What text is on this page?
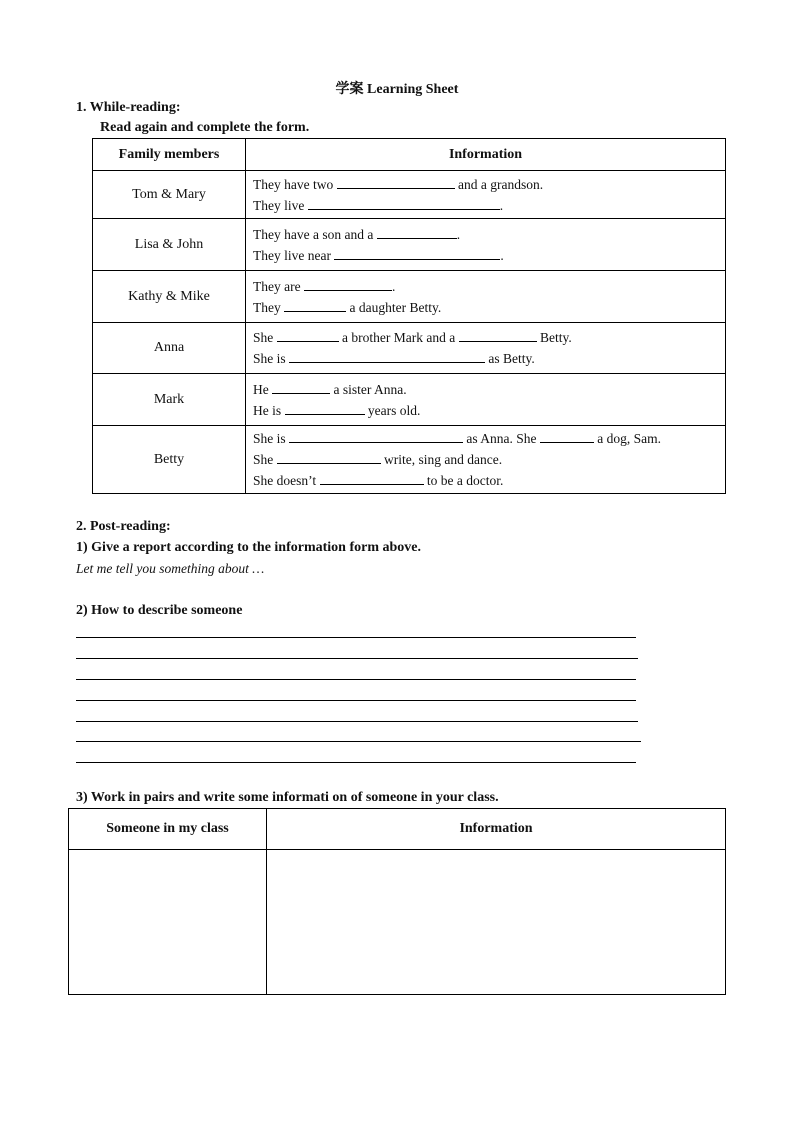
学案 Learning Sheet
1. While-reading:
Read again and complete the form.
Family members	Information
Tom & Mary	They have two and a grandson.
They live .

Lisa & John	They have a son and a .
They live near .

Kathy & Mike	They are .
They a daughter Betty.

Anna	She a brother Mark and a Betty.
She is as Betty.

Mark	He a sister Anna.
He is years old.

Betty	She is as Anna. She a dog, Sam.
She write, sing and dance.
She doesn’t to be a doctor.
2. Post-reading:
1) Give a report according to the information form above.
Let me tell you something about …
2) How to describe someone
3) Work in pairs and write some informati on of someone in your class.
Someone in my class	Information
